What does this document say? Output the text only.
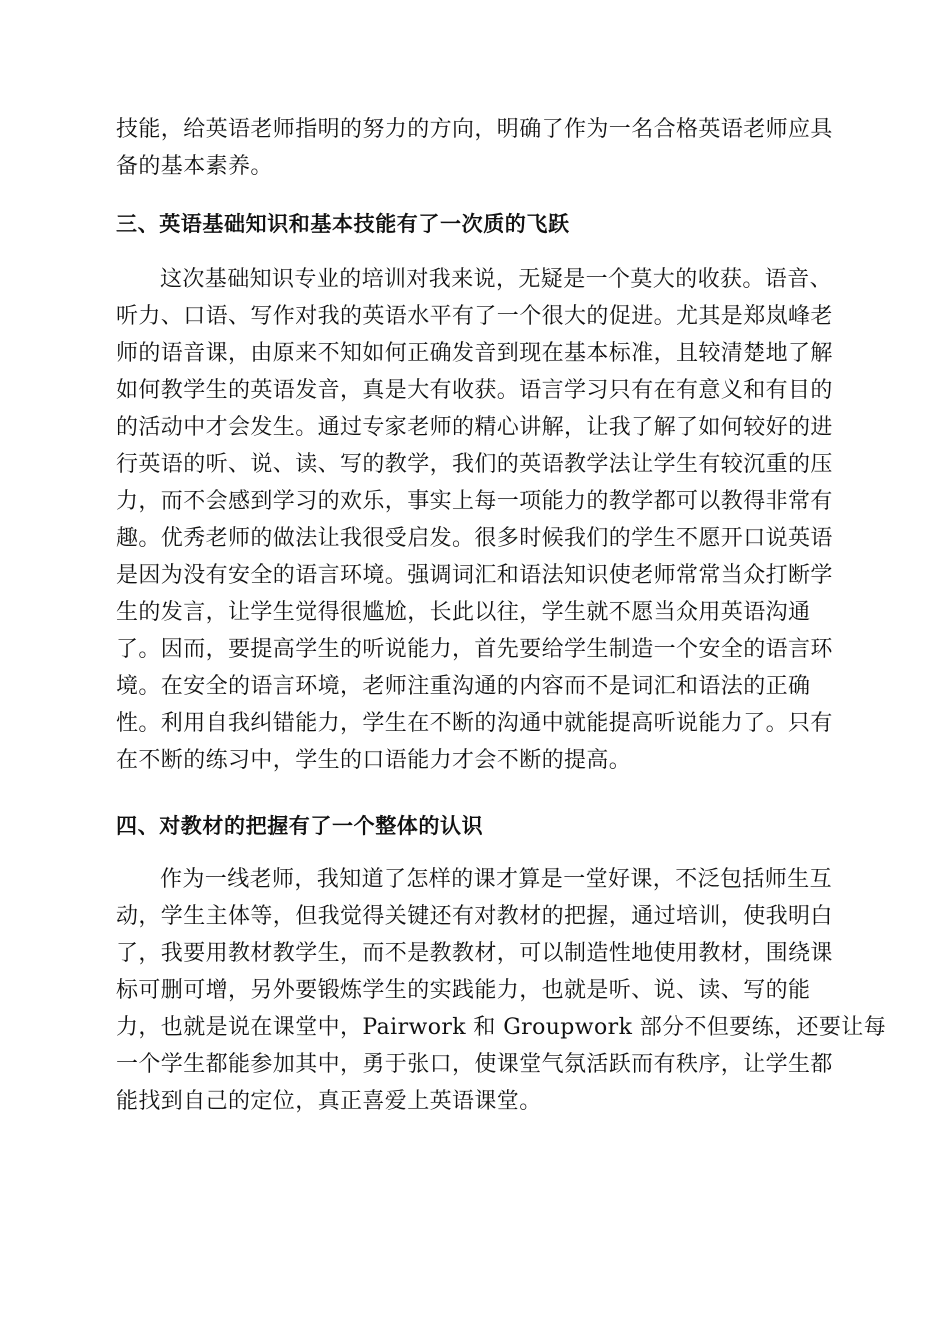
技能，给英语老师指明的努力的方向，明确了作为一名合格英语老师应具
备的基本素养。
三、英语基础知识和基本技能有了一次质的飞跃
这次基础知识专业的培训对我来说，无疑是一个莫大的收获。语音、
听力、口语、写作对我的英语水平有了一个很大的促进。尤其是郑岚峰老
师的语音课，由原来不知如何正确发音到现在基本标准，且较清楚地了解
如何教学生的英语发音，真是大有收获。语言学习只有在有意义和有目的
的活动中才会发生。通过专家老师的精心讲解，让我了解了如何较好的进
行英语的听、说、读、写的教学，我们的英语教学法让学生有较沉重的压
力，而不会感到学习的欢乐，事实上每一项能力的教学都可以教得非常有
趣。优秀老师的做法让我很受启发。很多时候我们的学生不愿开口说英语
是因为没有安全的语言环境。强调词汇和语法知识使老师常常当众打断学
生的发言，让学生觉得很尴尬，长此以往，学生就不愿当众用英语沟通
了。因而，要提高学生的听说能力，首先要给学生制造一个安全的语言环
境。在安全的语言环境，老师注重沟通的内容而不是词汇和语法的正确
性。利用自我纠错能力，学生在不断的沟通中就能提高听说能力了。只有
在不断的练习中，学生的口语能力才会不断的提高。
四、对教材的把握有了一个整体的认识
作为一线老师，我知道了怎样的课才算是一堂好课，不泛包括师生互
动，学生主体等，但我觉得关键还有对教材的把握，通过培训，使我明白
了，我要用教材教学生，而不是教教材，可以制造性地使用教材，围绕课
标可删可增，另外要锻炼学生的实践能力，也就是听、说、读、写的能
力，也就是说在课堂中，Pairwork 和 Groupwork 部分不但要练，还要让每
一个学生都能参加其中，勇于张口，使课堂气氛活跃而有秩序，让学生都
能找到自己的定位，真正喜爱上英语课堂。
